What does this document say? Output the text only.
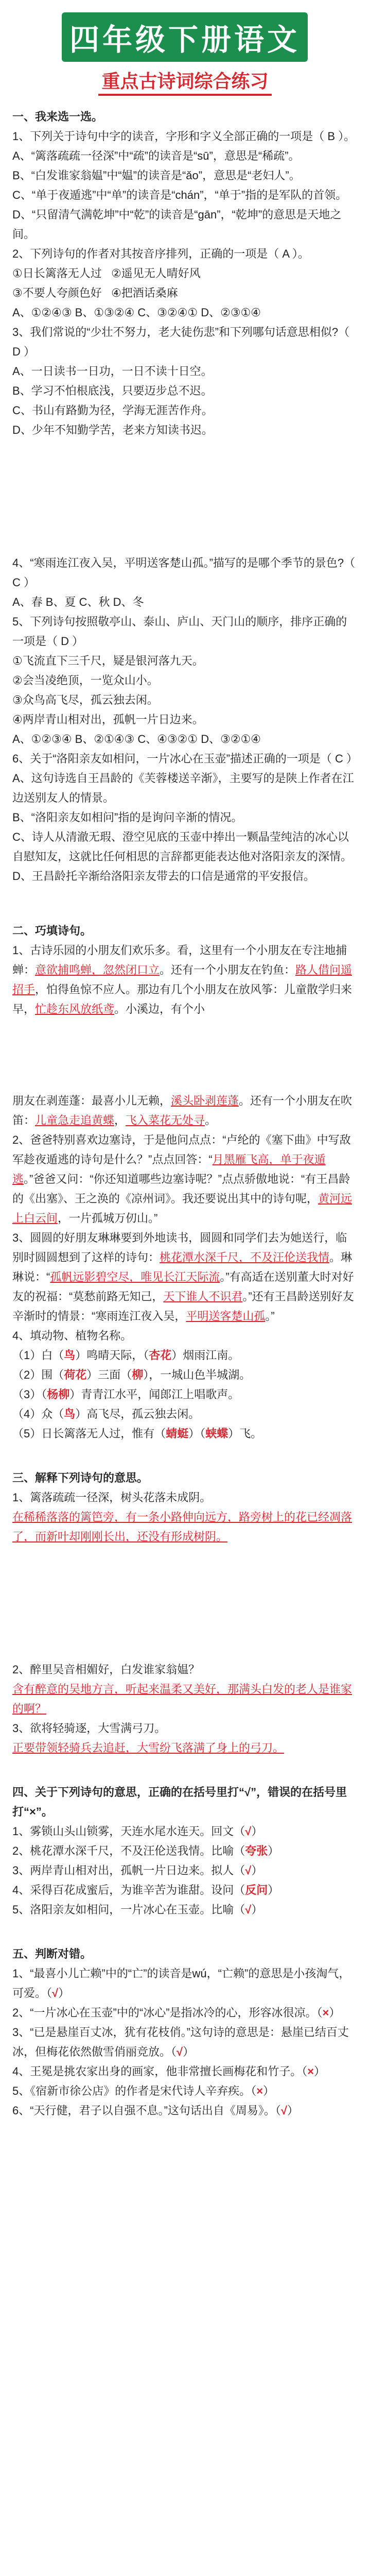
四年级下册语文
重点古诗词综合练习

一、我来选一选。

1、下列关于诗句中字的读音，字形和字义全部正确的一项是（ B ）。

A、“篱落疏疏一径深”中“疏”的读音是“sū”，意思是“稀疏”。

B、“白发谁家翁媪”中“媪”的读音是“ǎo”，意思是“老妇人”。

C、“单于夜遁逃”中“单”的读音是“chán”，“单于”指的是军队的首领。

D、“只留清气满乾坤”中“乾”的读音是“gān”，“乾坤”的意思是天地之间。

2、下列诗句的作者对其按音序排列，正确的一项是（ A ）。

①日长篱落无人过 ②遥见无人晴好风

③不要人夸颜色好 ④把酒话桑麻

A、①②④③ B、①③②④ C、③②④① D、②③①④

3、我们常说的“少壮不努力，老大徒伤悲”和下列哪句话意思相似?（ D ）

A、一日读书一日功，一日不读十日空。

B、学习不怕根底浅，只要迈步总不迟。

C、书山有路勤为径，学海无涯苦作舟。

D、少年不知勤学苦，老来方知读书迟。

4、“寒雨连江夜入吴，平明送客楚山孤。”描写的是哪个季节的景色?（ C ）

A、春 B、夏 C、秋 D、冬

5、下列诗句按照敬亭山、泰山、庐山、天门山的顺序，排序正确的一项是（ D ）

①飞流直下三千尺，疑是银河落九天。

②会当凌绝顶，一览众山小。

③众鸟高飞尽，孤云独去闲。

④两岸青山相对出，孤帆一片日边来。

A、①②③④ B、②①④③ C、④③②① D、③②①④

6、关于“洛阳亲友如相问，一片冰心在玉壶”描述正确的一项是（ C ）

A、这句诗选自王昌龄的《芙蓉楼送辛渐》，主要写的是陕上作者在江边送别友人的情景。

B、“洛阳亲友如相问”指的是询问辛渐的情况。

C、诗人从清澈无瑕、澄空见底的玉壶中捧出一颗晶莹纯洁的冰心以自慰知友，这就比任何相思的言辞都更能表达他对洛阳亲友的深情。

D、王昌龄托辛渐给洛阳亲友带去的口信是通常的平安报信。

二、巧填诗句。

1、古诗乐园的小朋友们欢乐多。看，这里有一个小朋友在专注地捕蝉：意欲捕鸣蝉，忽然闭口立。还有一个小朋友在钓鱼：路人借问遥招手，怕得鱼惊不应人。那边有几个小朋友在放风筝：儿童散学归来早，忙趁东风放纸鸢。小溪边，有个小

朋友在剥莲蓬：最喜小儿无赖，溪头卧剥莲蓬。还有一个小朋友在吹笛：儿童急走追黄蝶，飞入菜花无处寻。

2、爸爸特别喜欢边塞诗，于是他问点点：“卢纶的《塞下曲》中写敌军趁夜遁逃的诗句是什么？”点点回答：“月黑雁飞高，单于夜遁逃。”爸爸又问：“你还知道哪些边塞诗呢？”点点骄傲地说：“有王昌龄的《出塞》、王之涣的《凉州词》。我还要说出其中的诗句呢，黄河远上白云间，一片孤城万仞山。”

3、圆圆的好朋友琳琳要到外地读书，圆圆和同学们去为她送行，临别时圆圆想到了这样的诗句：桃花潭水深千尺，不及汪伦送我情。琳琳说：“孤帆远影碧空尽，唯见长江天际流。”有高适在送别董大时对好友的祝福：“莫愁前路无知己，天下谁人不识君。”还有王昌龄送别好友辛渐时的情景：“寒雨连江夜入吴，平明送客楚山孤。”

4、填动物、植物名称。

（1）白（鸟）鸣晴天际，（杏花）烟雨江南。

（2）围（荷花）三面（柳），一城山色半城湖。

（3）（杨柳）青青江水平，闻郎江上唱歌声。

（4）众（鸟）高飞尽，孤云独去闲。

（5）日长篱落无人过，惟有（蜻蜓）（蛱蝶）飞。

三、解释下列诗句的意思。

1、篱落疏疏一径深，树头花落未成阴。

在稀稀落落的篱笆旁，有一条小路伸向远方，路旁树上的花已经凋落了，而新叶却刚刚长出，还没有形成树阴。

2、醉里吴音相媚好，白发谁家翁媪？

含有醉意的吴地方言，听起来温柔又美好，那满头白发的老人是谁家的啊？

3、欲将轻骑逐，大雪满弓刀。

正要带领轻骑兵去追赶，大雪纷飞落满了身上的弓刀。

四、关于下列诗句的意思，正确的在括号里打“√”，错误的在括号里打“×”。

1、雾锁山头山锁雾，天连水尾水连天。回文（√）

2、桃花潭水深千尺，不及汪伦送我情。比喻（夸张）

3、两岸青山相对出，孤帆一片日边来。拟人（√）

4、采得百花成蜜后，为谁辛苦为谁甜。设问（反问）

5、洛阳亲友如相问，一片冰心在玉壶。比喻（√）

五、判断对错。

1、“最喜小儿亡赖”中的“亡”的读音是wú，“亡赖”的意思是小孩淘气，可爱。（√）

2、“一片冰心在玉壶”中的“冰心”是指冰冷的心，形容冰很凉。（×）

3、“已是悬崖百丈冰，犹有花枝俏。”这句诗的意思是：悬崖已结百丈冰，但梅花依然傲雪俏丽竞放。（√）

4、王冕是挑农家出身的画家，他非常擅长画梅花和竹子。（×）

5、《宿新市徐公店》的作者是宋代诗人辛弃疾。（×）

6、“天行健，君子以自强不息。”这句话出自《周易》。（√）
